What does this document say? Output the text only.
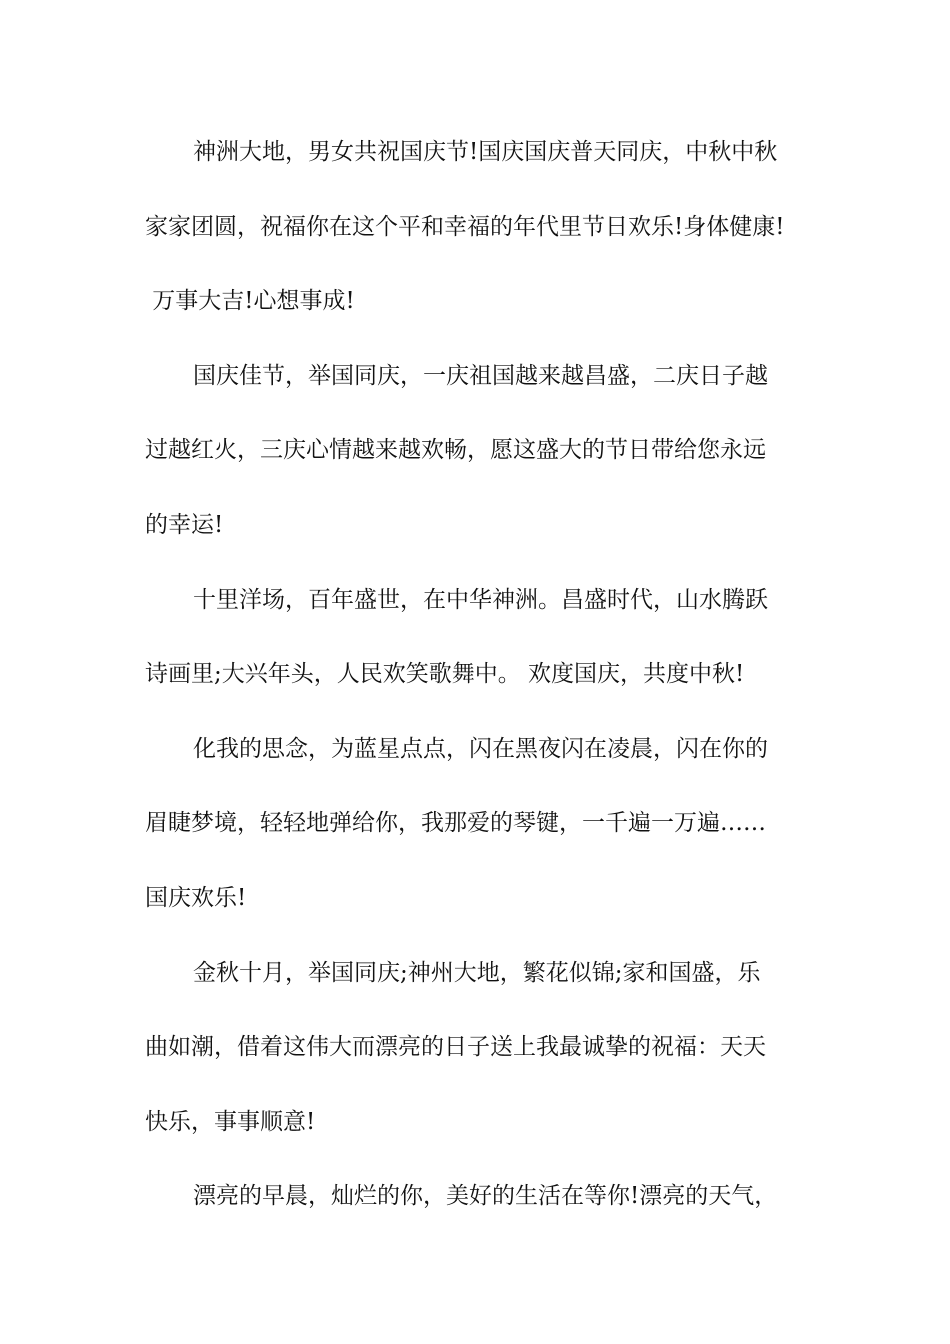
神洲大地，男女共祝国庆节!国庆国庆普天同庆，中秋中秋
家家团圆，祝福你在这个平和幸福的年代里节日欢乐!身体健康!
万事大吉!心想事成!
国庆佳节，举国同庆，一庆祖国越来越昌盛，二庆日子越
过越红火，三庆心情越来越欢畅，愿这盛大的节日带给您永远
的幸运!
十里洋场，百年盛世，在中华神洲。昌盛时代，山水腾跃
诗画里;大兴年头，人民欢笑歌舞中。 欢度国庆，共度中秋!
化我的思念，为蓝星点点，闪在黑夜闪在凌晨，闪在你的
眉睫梦境，轻轻地弹给你，我那爱的琴键，一千遍一万遍……
国庆欢乐!
金秋十月，举国同庆;神州大地，繁花似锦;家和国盛，乐
曲如潮，借着这伟大而漂亮的日子送上我最诚挚的祝福：天天
快乐，事事顺意!
漂亮的早晨，灿烂的你，美好的生活在等你!漂亮的天气，
